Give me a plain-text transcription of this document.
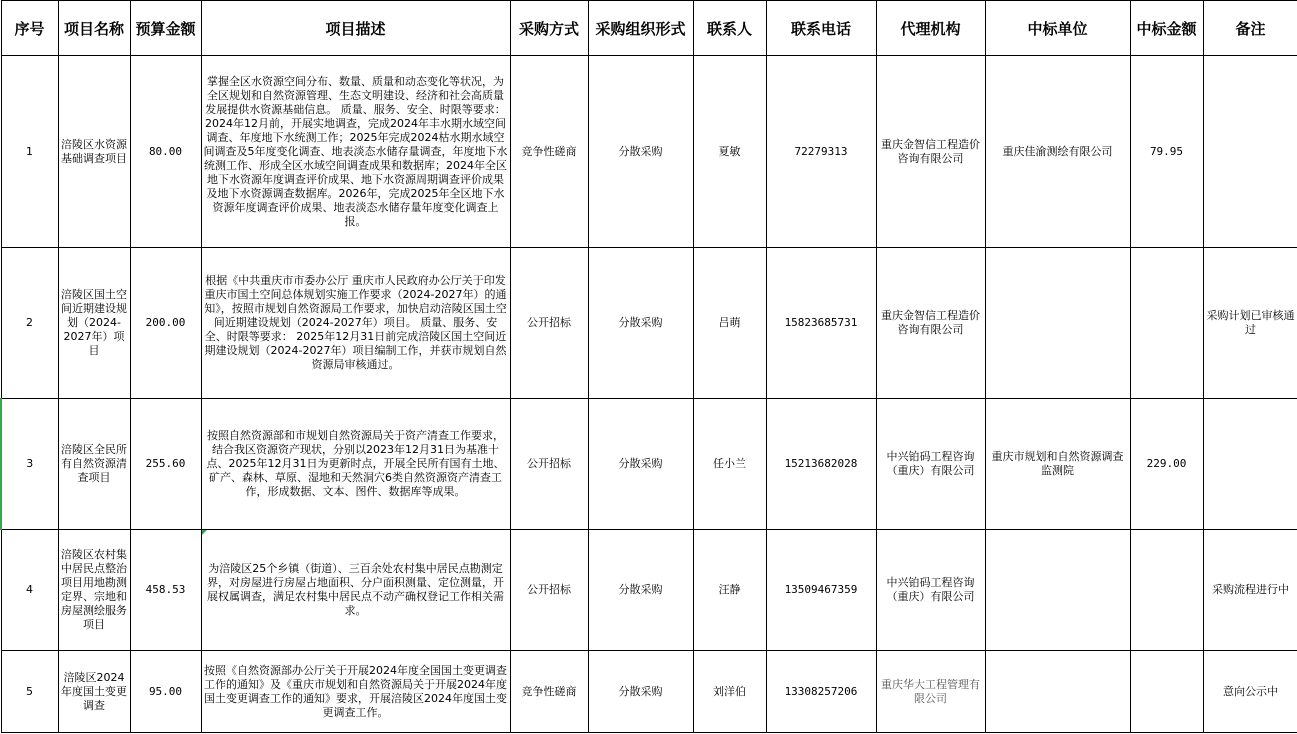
序号	项目名称	预算金额	项目描述	采购方式	采购组织形式	联系人	联系电话	代理机构	中标单位	中标金额	备注
1	涪陵区水资源基础调查项目	80.00	掌握全区水资源空间分布、数量、质量和动态变化等状况，为全区规划和自然资源管理、生态文明建设、经济和社会高质量发展提供水资源基础信息。 质量、服务、安全、时限等要求： 2024年12月前，开展实地调查，完成2024年丰水期水域空间调查、年度地下水统测工作；2025年完成2024枯水期水域空间调查及5年度变化调查、地表淡态水储存量调查，年度地下水统测工作、形成全区水域空间调查成果和数据库；2024年全区地下水资源年度调查评价成果、地下水资源周期调查评价成果及地下水资源调查数据库。2026年，完成2025年全区地下水资源年度调查评价成果、地表淡态水储存量年度变化调查上报。	竞争性磋商	分散采购	夏敏	72279313	重庆金智信工程造价咨询有限公司	重庆佳渝测绘有限公司	79.95	
2	涪陵区国土空间近期建设规划（2024-2027年）项目	200.00	根据《中共重庆市市委办公厅 重庆市人民政府办公厅关于印发重庆市国土空间总体规划实施工作要求（2024-2027年）的通知》，按照市规划自然资源局工作要求，加快启动涪陵区国土空间近期建设规划（2024-2027年）项目。 质量、服务、安全、时限等要求： 2025年12月31日前完成涪陵区国土空间近期建设规划（2024-2027年）项目编制工作，并获市规划自然资源局审核通过。	公开招标	分散采购	吕萌	15823685731	重庆金智信工程造价咨询有限公司			采购计划已审核通过
3	涪陵区全民所有自然资源清查项目	255.60	按照自然资源部和市规划自然资源局关于资产清查工作要求，结合我区资源资产现状，分别以2023年12月31日为基准十点、2025年12月31日为更新时点，开展全民所有国有土地、矿产、森林、草原、湿地和天然洞穴6类自然资源资产清查工作，形成数据、文本、图件、数据库等成果。	公开招标	分散采购	任小兰	15213682028	中兴铂码工程咨询（重庆）有限公司	重庆市规划和自然资源调查监测院	229.00	
4	涪陵区农村集中居民点整治项目用地勘测定界、宗地和房屋测绘服务项目	458.53	为涪陵区25个乡镇（街道）、三百余处农村集中居民点勘测定界，对房屋进行房屋占地面积、分户面积测量、定位测量，开展权属调查，满足农村集中居民点不动产确权登记工作相关需求。	公开招标	分散采购	汪静	13509467359	中兴铂码工程咨询（重庆）有限公司			采购流程进行中
5	涪陵区2024年度国土变更调查	95.00	按照《自然资源部办公厅关于开展2024年度全国国土变更调查工作的通知》及《重庆市规划和自然资源局关于开展2024年度国土变更调查工作的通知》要求，开展涪陵区2024年度国土变更调查工作。	竞争性磋商	分散采购	刘洋伯	13308257206	重庆华大工程管理有限公司			意向公示中
